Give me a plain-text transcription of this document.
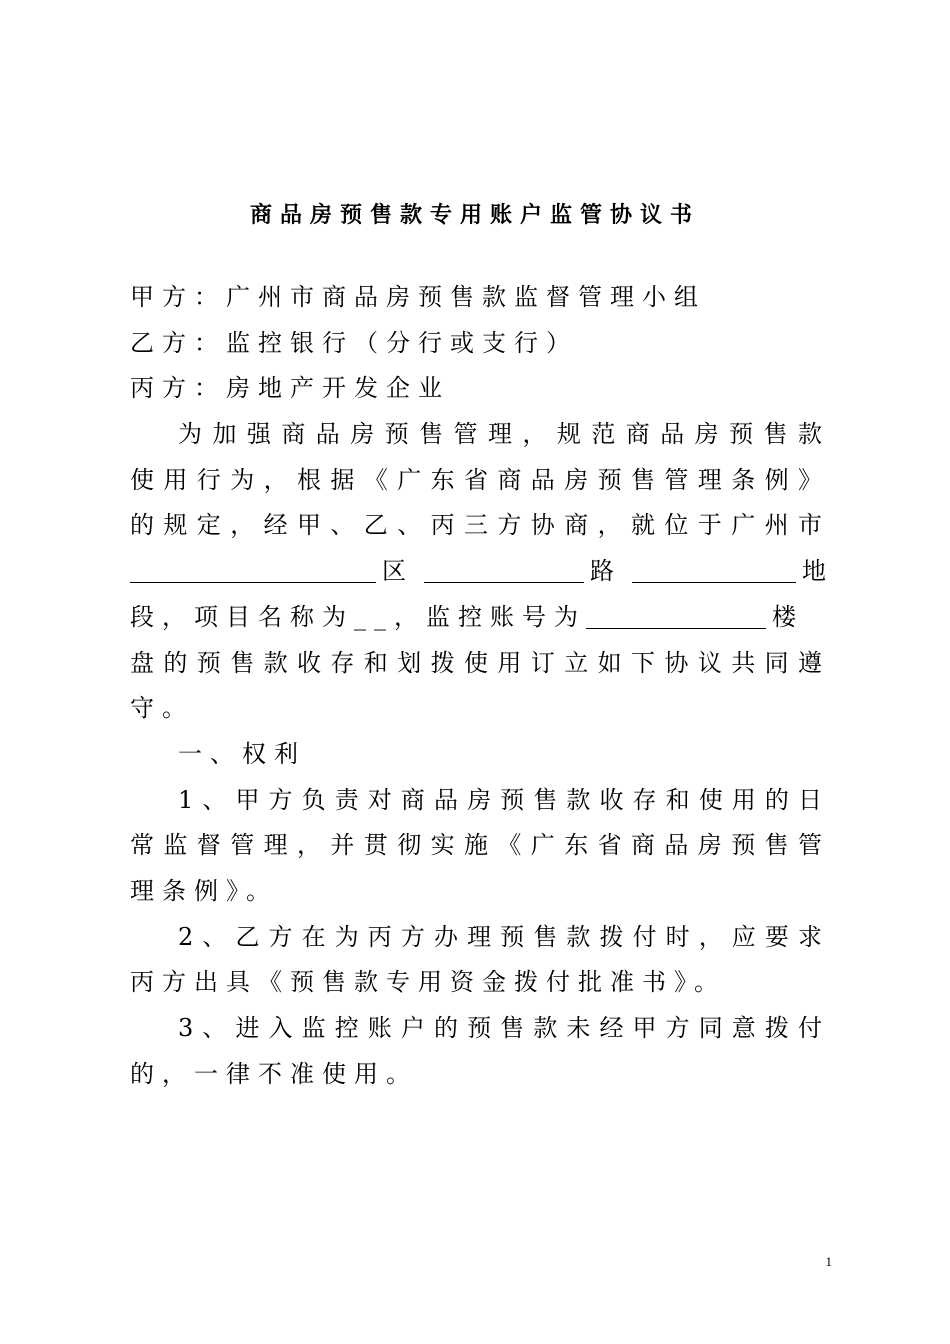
商品房预售款专用账户监管协议书
甲方：广州市商品房预售款监督管理小组
乙方：监控银行（分行或支行）
丙方：房地产开发企业
为加强商品房预售管理，规范商品房预售款
使用行为，根据《广东省商品房预售管理条例》
的规定，经甲、乙、丙三方协商，就位于广州市
区	路	地
段，项目名称为__，监控账号为	楼
盘的预售款收存和划拨使用订立如下协议共同遵
守。
一、权利
1、甲方负责对商品房预售款收存和使用的日
常监督管理，并贯彻实施《广东省商品房预售管
理条例》。
2、乙方在为丙方办理预售款拨付时，应要求
丙方出具《预售款专用资金拨付批准书》。
3、进入监控账户的预售款未经甲方同意拨付
的，一律不准使用。
1
